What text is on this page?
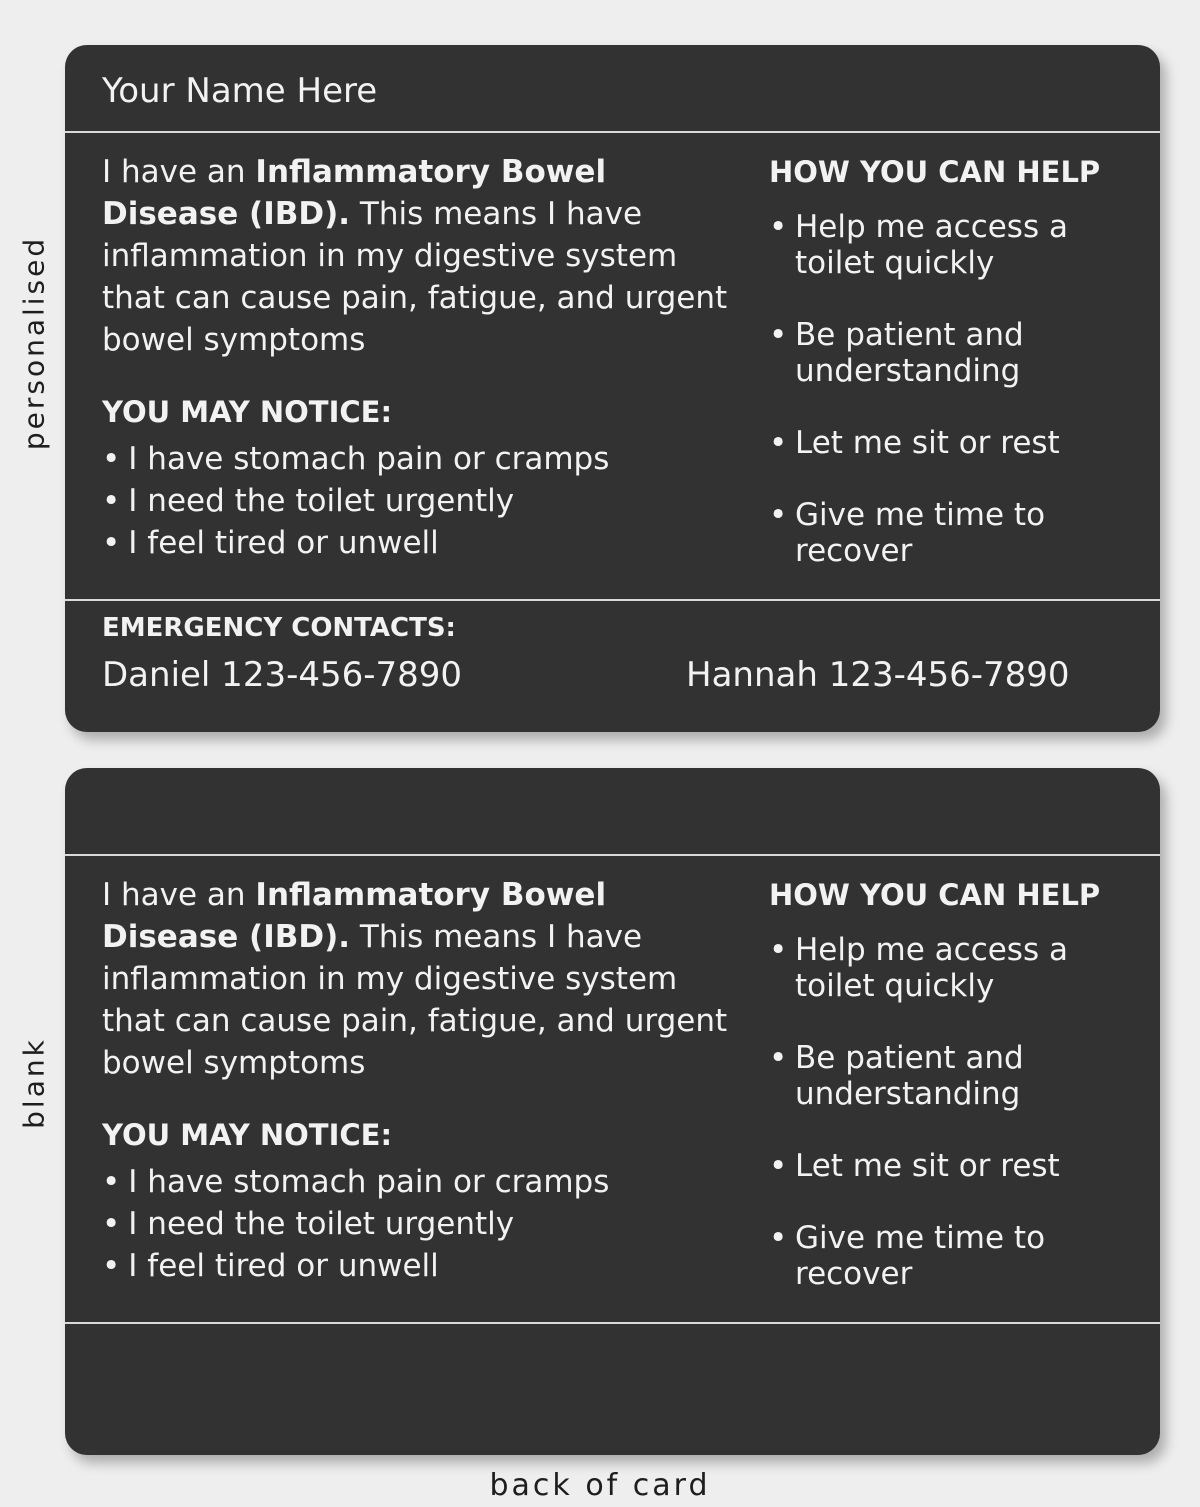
personalised
blank
Your Name Here
I have an Inflammatory Bowel Disease (IBD). This means I have inflammation in my digestive system that can cause pain, fatigue, and urgent bowel symptoms
YOU MAY NOTICE:
• I have stomach pain or cramps
• I need the toilet urgently
• I feel tired or unwell
HOW YOU CAN HELP
• Help me access a toilet quickly
• Be patient and understanding
• Let me sit or rest
• Give me time to recover
EMERGENCY CONTACTS:
Daniel 123-456-7890	Hannah 123-456-7890
I have an Inflammatory Bowel Disease (IBD). This means I have inflammation in my digestive system that can cause pain, fatigue, and urgent bowel symptoms
YOU MAY NOTICE:
• I have stomach pain or cramps
• I need the toilet urgently
• I feel tired or unwell
HOW YOU CAN HELP
• Help me access a toilet quickly
• Be patient and understanding
• Let me sit or rest
• Give me time to recover
back of card
